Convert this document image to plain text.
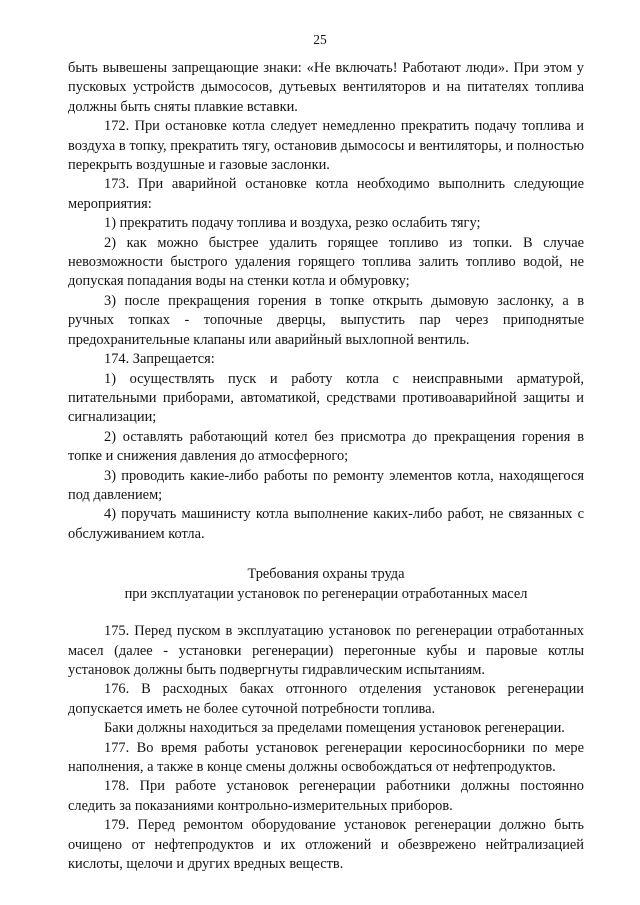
25

быть вывешены запрещающие знаки: «Не включать! Работают люди». При этом у пусковых устройств дымососов, дутьевых вентиляторов и на питателях топлива должны быть сняты плавкие вставки.

172. При остановке котла следует немедленно прекратить подачу топлива и воздуха в топку, прекратить тягу, остановив дымососы и вентиляторы, и полностью перекрыть воздушные и газовые заслонки.

173. При аварийной остановке котла необходимо выполнить следующие мероприятия:

1) прекратить подачу топлива и воздуха, резко ослабить тягу;

2) как можно быстрее удалить горящее топливо из топки. В случае невозможности быстрого удаления горящего топлива залить топливо водой, не допуская попадания воды на стенки котла и обмуровку;

3) после прекращения горения в топке открыть дымовую заслонку, а в ручных топках - топочные дверцы, выпустить пар через приподнятые предохранительные клапаны или аварийный выхлопной вентиль.

174. Запрещается:

1) осуществлять пуск и работу котла с неисправными арматурой, питательными приборами, автоматикой, средствами противоаварийной защиты и сигнализации;

2) оставлять работающий котел без присмотра до прекращения горения в топке и снижения давления до атмосферного;

3) проводить какие-либо работы по ремонту элементов котла, находящегося под давлением;

4) поручать машинисту котла выполнение каких-либо работ, не связанных с обслуживанием котла.

Требования охраны труда

при эксплуатации установок по регенерации отработанных масел

175. Перед пуском в эксплуатацию установок по регенерации отработанных масел (далее - установки регенерации) перегонные кубы и паровые котлы установок должны быть подвергнуты гидравлическим испытаниям.

176. В расходных баках отгонного отделения установок регенерации допускается иметь не более суточной потребности топлива.

Баки должны находиться за пределами помещения установок регенерации.

177. Во время работы установок регенерации керосиносборники по мере наполнения, а также в конце смены должны освобождаться от нефтепродуктов.

178. При работе установок регенерации работники должны постоянно следить за показаниями контрольно-измерительных приборов.

179. Перед ремонтом оборудование установок регенерации должно быть очищено от нефтепродуктов и их отложений и обезврежено нейтрализацией кислоты, щелочи и других вредных веществ.
